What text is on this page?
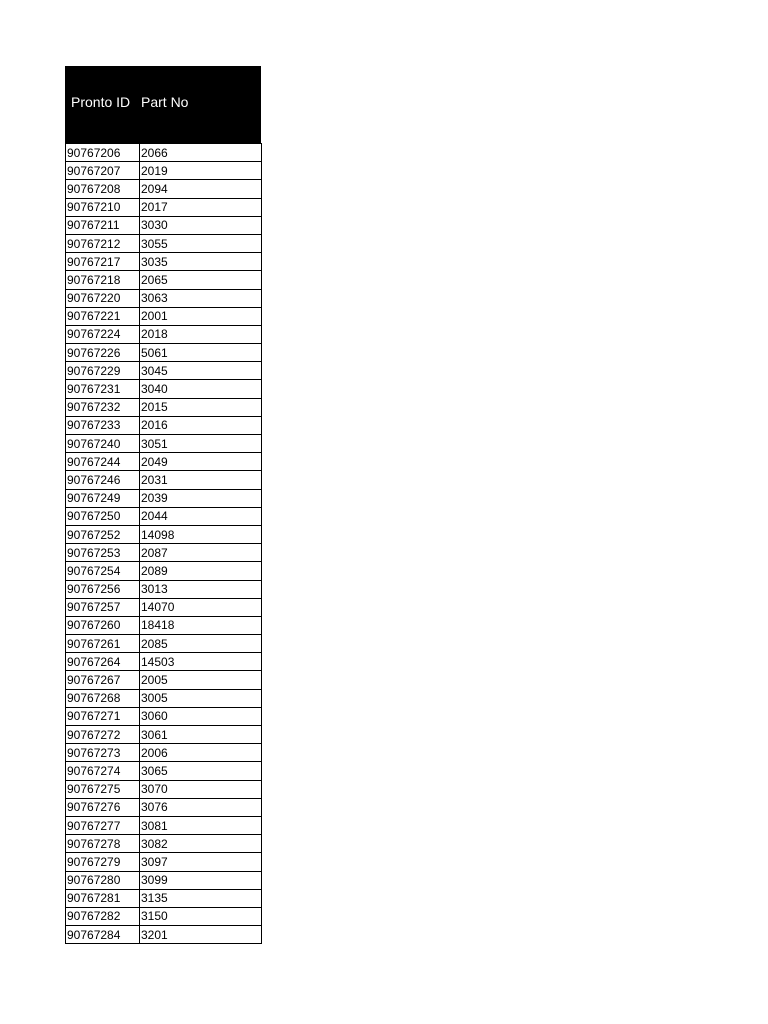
Pronto ID Part No
90767206	2066
90767207	2019
90767208	2094
90767210	2017
90767211	3030
90767212	3055
90767217	3035
90767218	2065
90767220	3063
90767221	2001
90767224	2018
90767226	5061
90767229	3045
90767231	3040
90767232	2015
90767233	2016
90767240	3051
90767244	2049
90767246	2031
90767249	2039
90767250	2044
90767252	14098
90767253	2087
90767254	2089
90767256	3013
90767257	14070
90767260	18418
90767261	2085
90767264	14503
90767267	2005
90767268	3005
90767271	3060
90767272	3061
90767273	2006
90767274	3065
90767275	3070
90767276	3076
90767277	3081
90767278	3082
90767279	3097
90767280	3099
90767281	3135
90767282	3150
90767284	3201
